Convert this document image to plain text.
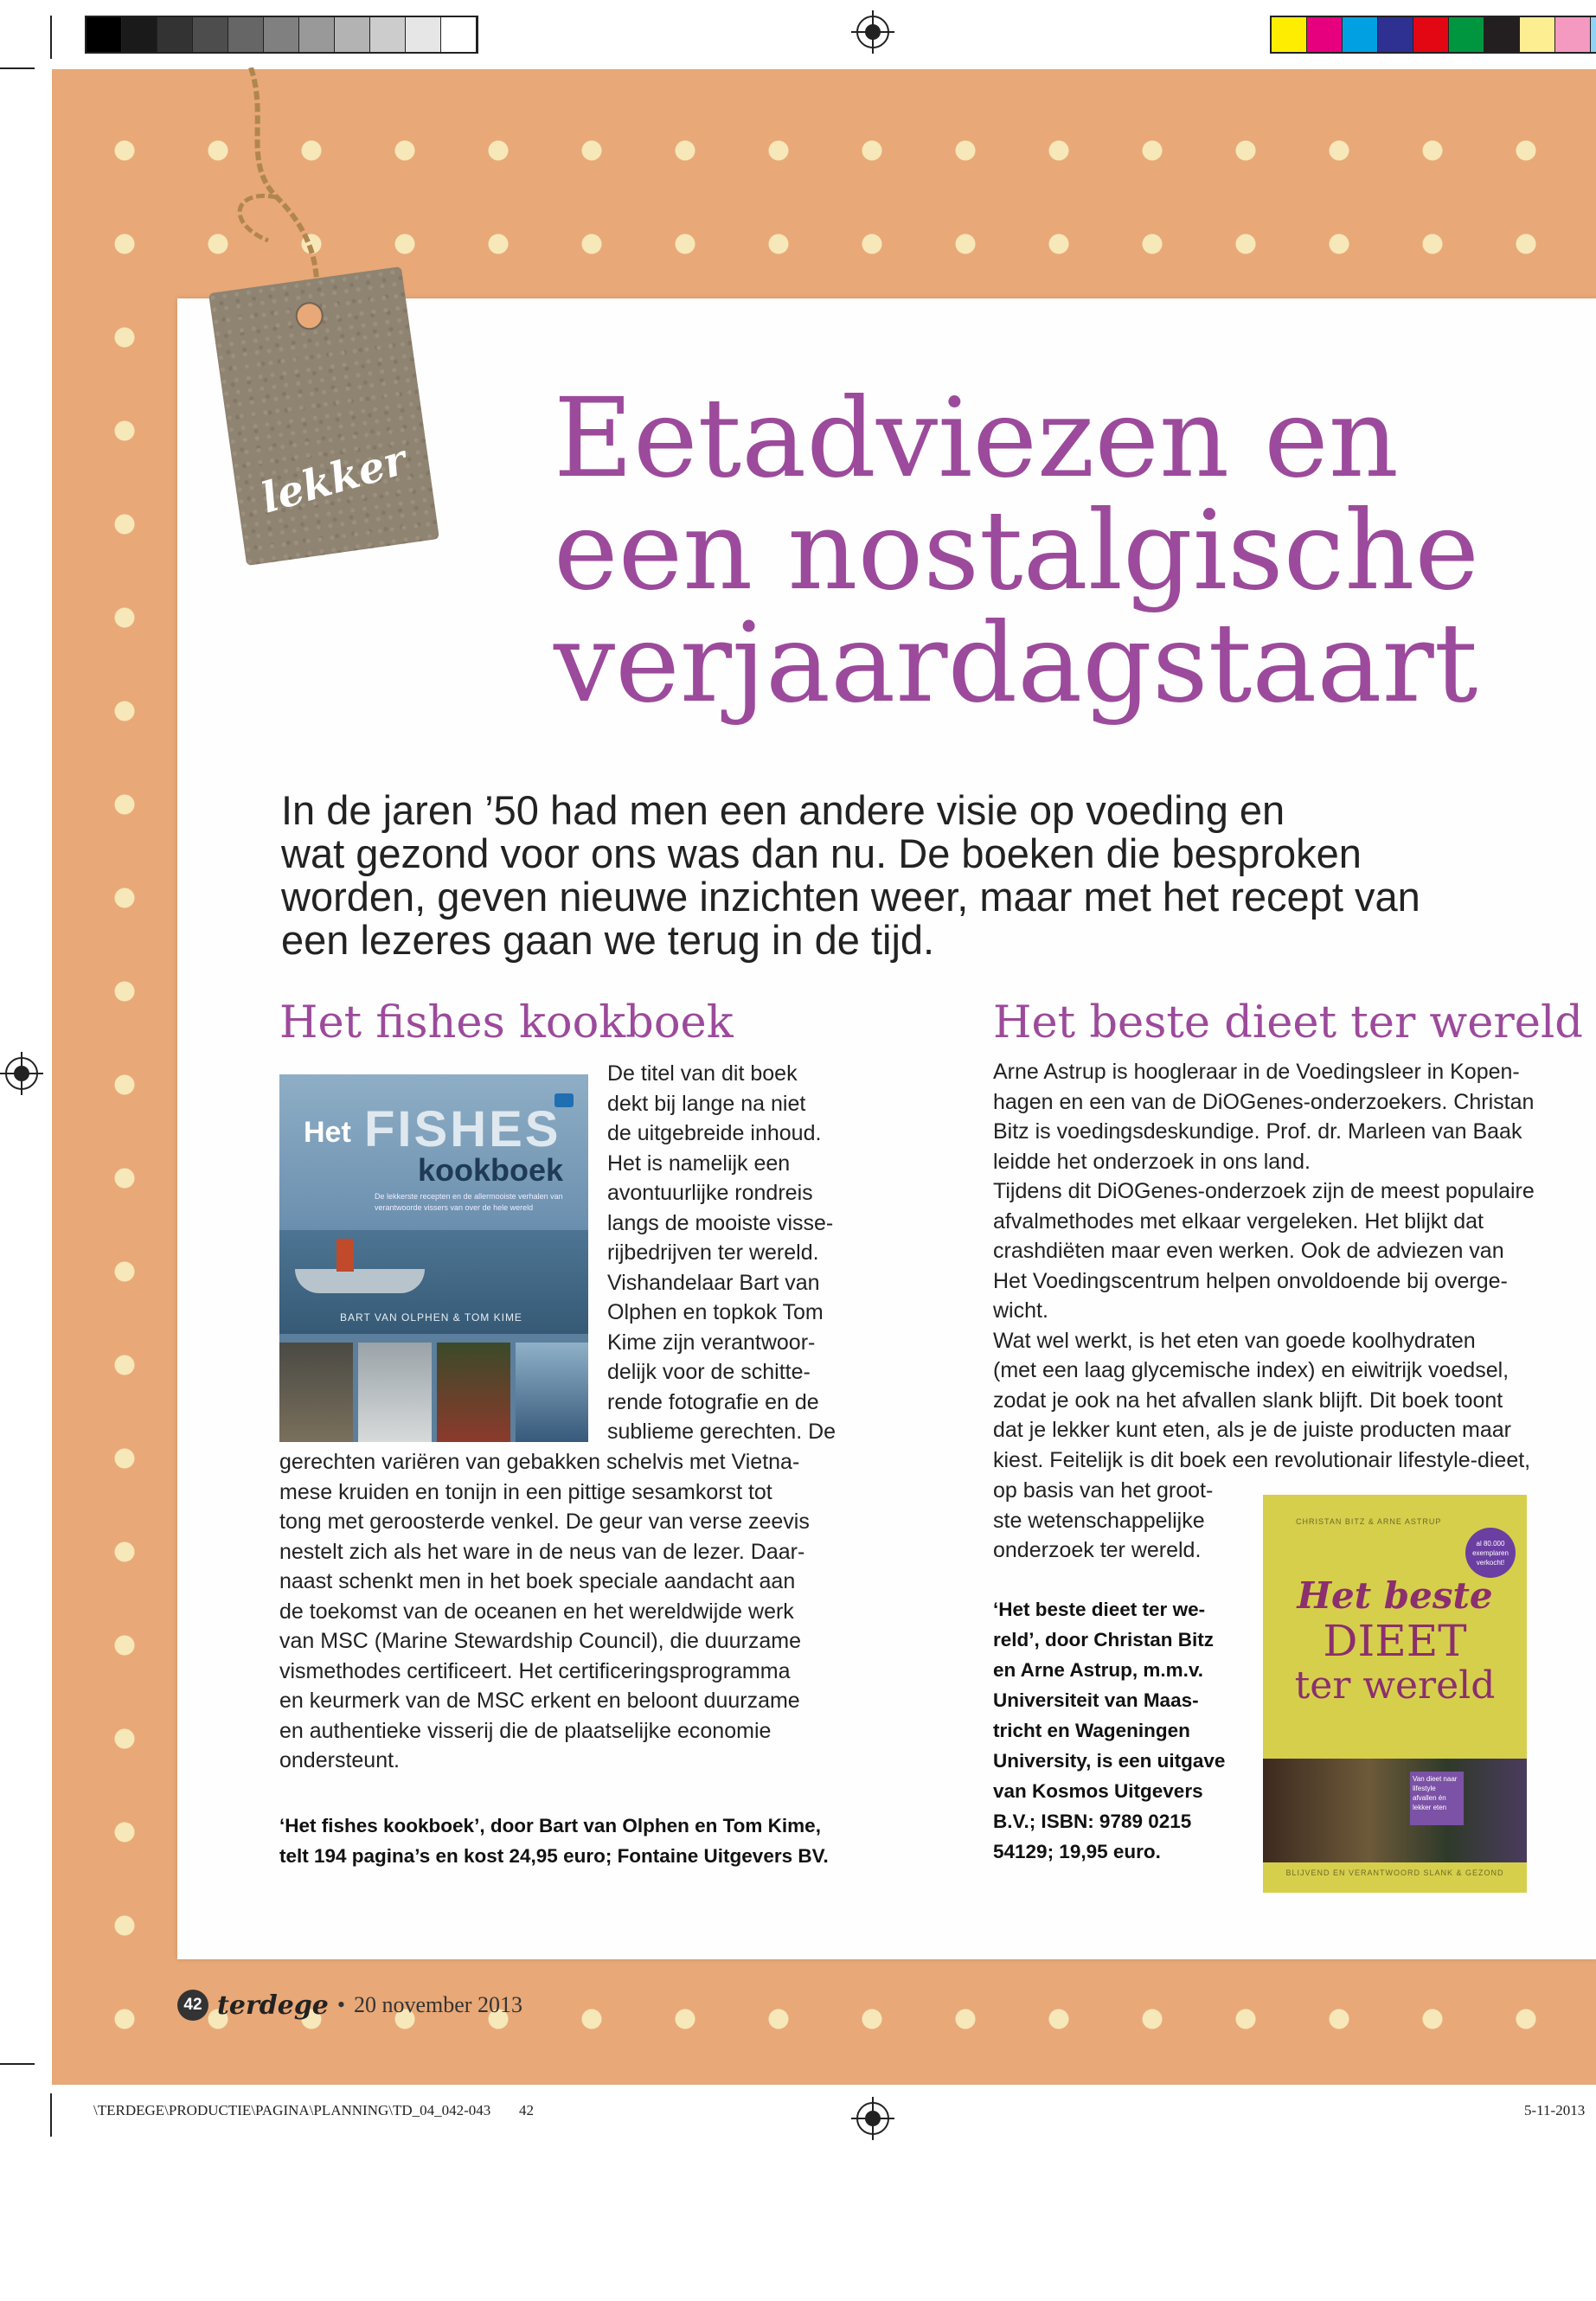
lekker Eetadviezen en
een nostalgische
verjaardagstaart
In de jaren ’50 had men een andere visie op voeding en
wat gezond voor ons was dan nu. De boeken die besproken
worden, geven nieuwe inzichten weer, maar met het recept van
een lezeres gaan we terug in de tijd.
Het fishes kookboek
Het FISHES
kookboek
De lekkerste recepten en de allermooiste verhalen van verantwoorde vissers van over de hele wereld
BART VAN OLPHEN & TOM KIME
De titel van dit boek
dekt bij lange na niet
de uitgebreide inhoud.
Het is namelijk een
avontuurlijke rondreis
langs de mooiste visse-
rijbedrijven ter wereld.
Vishandelaar Bart van
Olphen en topkok Tom
Kime zijn verantwoor-
delijk voor de schitte-
rende fotografie en de
sublieme gerechten. De
gerechten variëren van gebakken schelvis met Vietna-
mese kruiden en tonijn in een pittige sesamkorst tot
tong met geroosterde venkel. De geur van verse zeevis
nestelt zich als het ware in de neus van de lezer. Daar-
naast schenkt men in het boek speciale aandacht aan
de toekomst van de oceanen en het wereldwijde werk
van MSC (Marine Stewardship Council), die duurzame
vismethodes certificeert. Het certificeringsprogramma
en keurmerk van de MSC erkent en beloont duurzame
en authentieke visserij die de plaatselijke economie
ondersteunt.
‘Het fishes kookboek’, door Bart van Olphen en Tom Kime,
telt 194 pagina’s en kost 24,95 euro; Fontaine Uitgevers BV.
Het beste dieet ter wereld
Arne Astrup is hoogleraar in de Voedingsleer in Kopen-
hagen en een van de DiOGenes-onderzoekers. Christan
Bitz is voedingsdeskundige. Prof. dr. Marleen van Baak
leidde het onderzoek in ons land.
Tijdens dit DiOGenes-onderzoek zijn de meest populaire
afvalmethodes met elkaar vergeleken. Het blijkt dat
crashdiëten maar even werken. Ook de adviezen van
Het Voedingscentrum helpen onvoldoende bij overge-
wicht.
Wat wel werkt, is het eten van goede koolhydraten
(met een laag glycemische index) en eiwitrijk voedsel,
zodat je ook na het afvallen slank blijft. Dit boek toont
dat je lekker kunt eten, als je de juiste producten maar
kiest. Feitelijk is dit boek een revolutionair lifestyle-dieet,
op basis van het groot-
ste wetenschappelijke
onderzoek ter wereld.
‘Het beste dieet ter we-
reld’, door Christan Bitz
en Arne Astrup, m.m.v.
Universiteit van Maas-
tricht en Wageningen
University, is een uitgave
van Kosmos Uitgevers
B.V.; ISBN: 9789 0215
54129; 19,95 euro.
CHRISTAN BITZ & ARNE ASTRUP
al 80.000 exemplaren verkocht!
Het beste
DIEET
ter wereld
Van dieet naar lifestyle afvallen én lekker eten
BLIJVEND EN VERANTWOORD SLANK & GEZOND
42 terdege • 20 november 2013
\TERDEGE\PRODUCTIE\PAGINA\PLANNING\TD_04_042-043 42	5-11-2013
